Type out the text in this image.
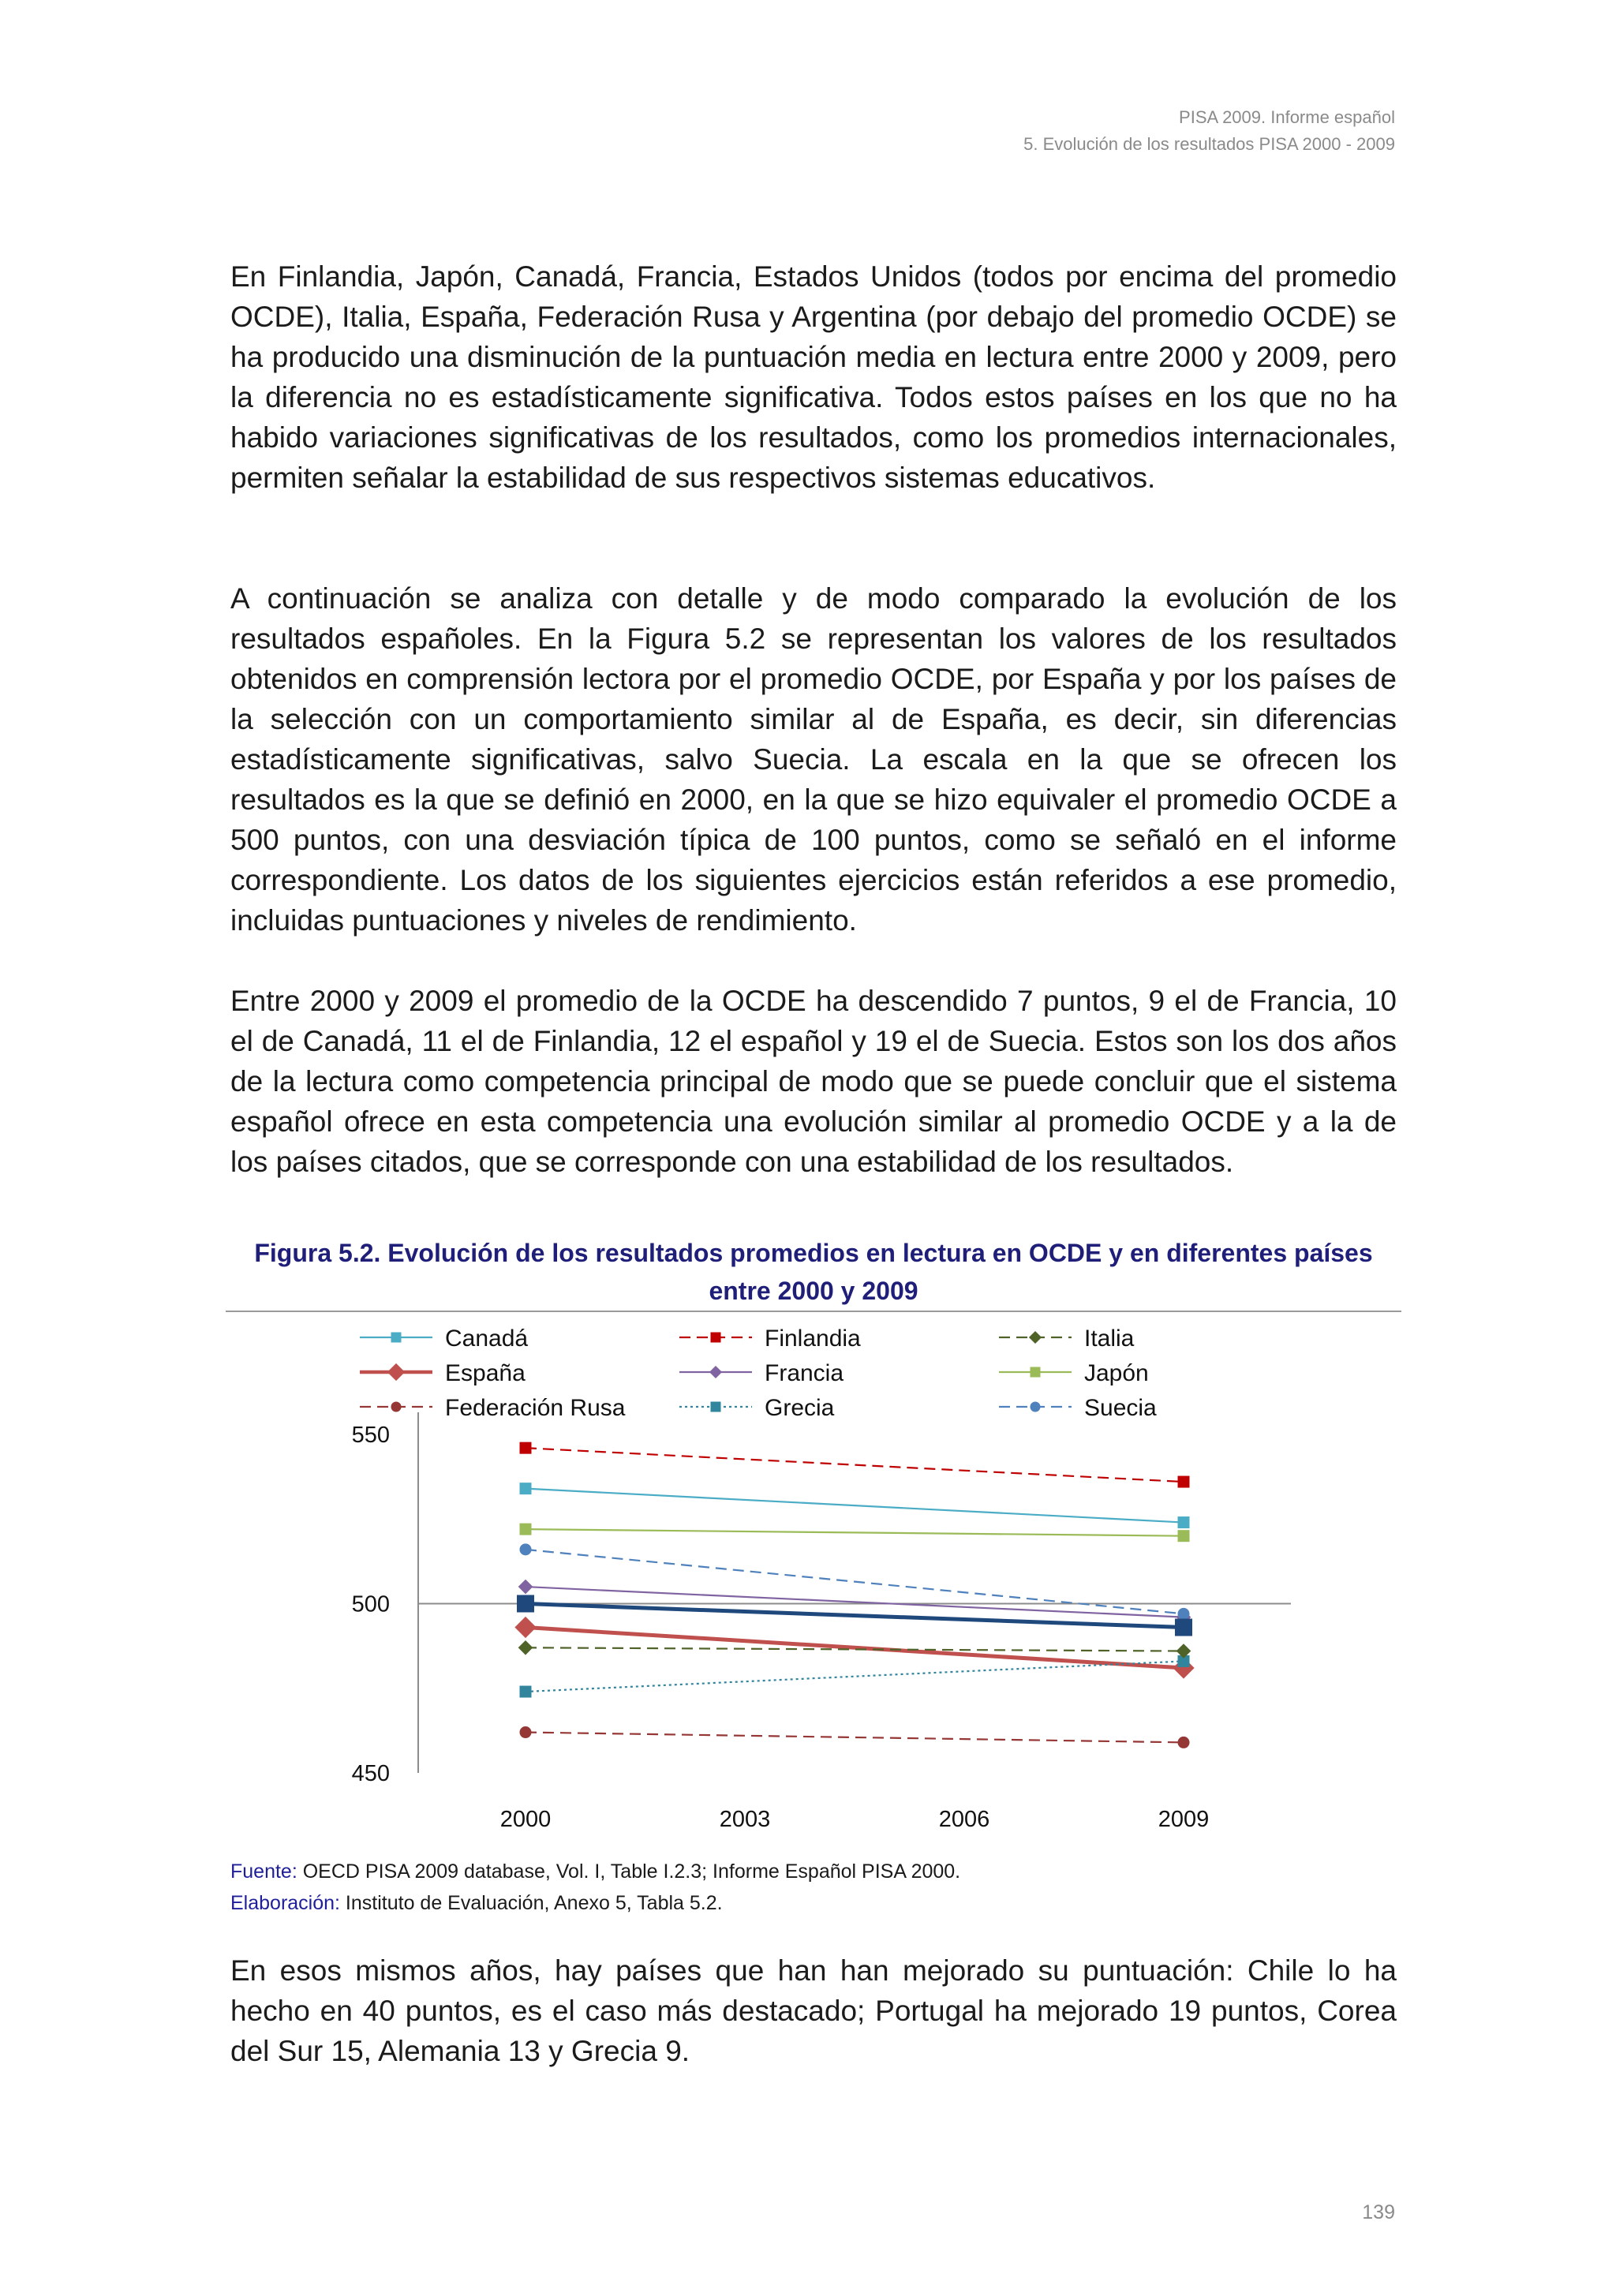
PISA 2009. Informe español
5. Evolución de los resultados PISA 2000 - 2009

En Finlandia, Japón, Canadá, Francia, Estados Unidos (todos por encima del promedio OCDE), Italia, España, Federación Rusa y Argentina (por debajo del promedio OCDE) se ha producido una disminución de la puntuación media en lectura entre 2000 y 2009, pero la diferencia no es estadísticamente significativa. Todos estos países en los que no ha habido variaciones significativas de los resultados, como los promedios internacionales, permiten señalar la estabilidad de sus respectivos sistemas educativos.

A continuación se analiza con detalle y de modo comparado la evolución de los resultados españoles. En la Figura 5.2 se representan los valores de los resultados obtenidos en comprensión lectora por el promedio OCDE, por España y por los países de la selección con un comportamiento similar al de España, es decir, sin diferencias estadísticamente significativas, salvo Suecia. La escala en la que se ofrecen los resultados es la que se definió en 2000, en la que se hizo equivaler el promedio OCDE a 500 puntos, con una desviación típica de 100 puntos, como se señaló en el informe correspondiente. Los datos de los siguientes ejercicios están referidos a ese promedio, incluidas puntuaciones y niveles de rendimiento.

Entre 2000 y 2009 el promedio de la OCDE ha descendido 7 puntos, 9 el de Francia, 10 el de Canadá, 11 el de Finlandia, 12 el español y 19 el de Suecia. Estos son los dos años de la lectura como competencia principal de modo que se puede concluir que el sistema español ofrece en esta competencia una evolución similar al promedio OCDE y a la de los países citados, que se corresponde con una estabilidad de los resultados.

Figura 5.2. Evolución de los resultados promedios en lectura en OCDE y en diferentes países entre 2000 y 2009
450
500
550
2000	2003	2006	2009
Canadá
España
Federación Rusa
Finlandia
Francia
Grecia
Italia
Japón
Suecia
Fuente: OECD PISA 2009 database, Vol. I, Table I.2.3; Informe Español PISA 2000.
Elaboración: Instituto de Evaluación, Anexo 5, Tabla 5.2.

En esos mismos años, hay países que han han mejorado su puntuación: Chile lo ha hecho en 40 puntos, es el caso más destacado; Portugal ha mejorado 19 puntos, Corea del Sur 15, Alemania 13 y Grecia 9.

139
